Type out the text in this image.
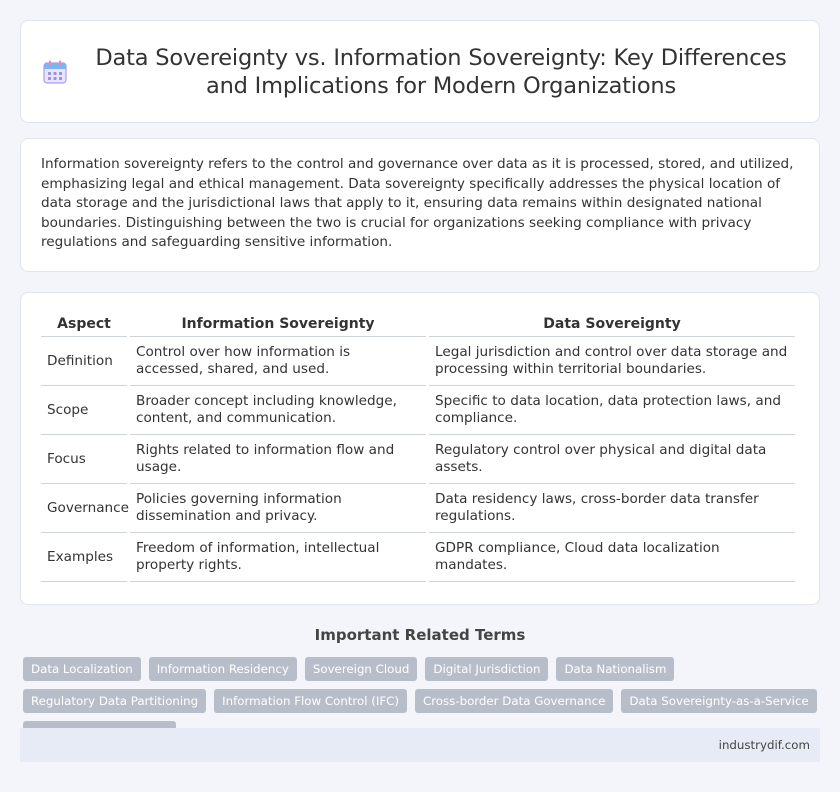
Data Sovereignty vs. Information Sovereignty: Key Differences and Implications for Modern Organizations

Information sovereignty refers to the control and governance over data as it is processed, stored, and utilized, emphasizing legal and ethical management. Data sovereignty specifically addresses the physical location of data storage and the jurisdictional laws that apply to it, ensuring data remains within designated national boundaries. Distinguishing between the two is crucial for organizations seeking compliance with privacy regulations and safeguarding sensitive information.

Aspect	Information Sovereignty	Data Sovereignty
Definition	Control over how information is accessed, shared, and used.	Legal jurisdiction and control over data storage and processing within territorial boundaries.
Scope	Broader concept including knowledge, content, and communication.	Specific to data location, data protection laws, and compliance.
Focus	Rights related to information flow and usage.	Regulatory control over physical and digital data assets.
Governance	Policies governing information dissemination and privacy.	Data residency laws, cross-border data transfer regulations.
Examples	Freedom of information, intellectual property rights.	GDPR compliance, Cloud data localization mandates.
Important Related Terms
Data Localization	Information Residency	Sovereign Cloud	Digital Jurisdiction	Data Nationalism
Regulatory Data Partitioning	Information Flow Control (IFC)	Cross-border Data Governance	Data Sovereignty-as-a-Service
industrydif.com
